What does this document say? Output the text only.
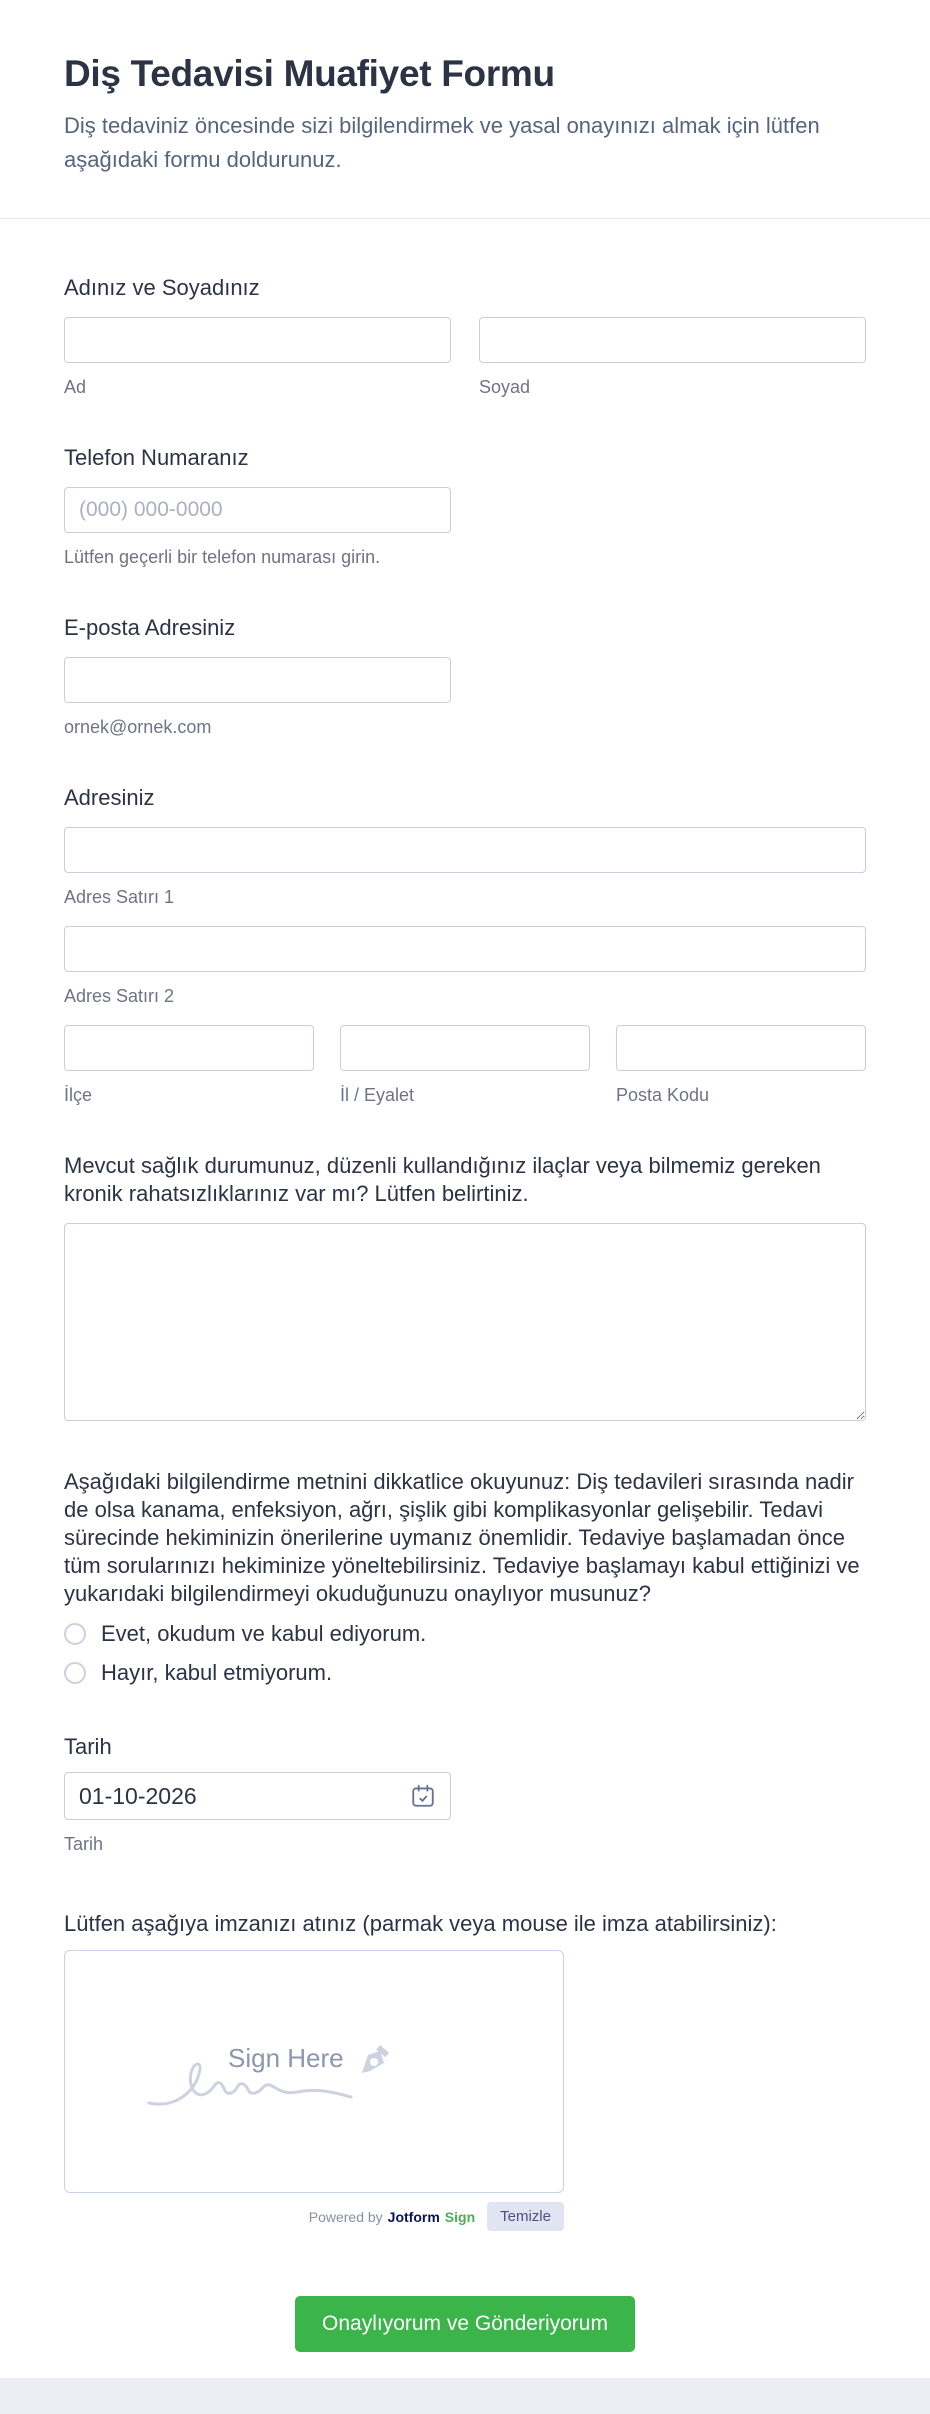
Diş Tedavisi Muafiyet Formu
Diş tedaviniz öncesinde sizi bilgilendirmek ve yasal onayınızı almak için lütfen aşağıdaki formu doldurunuz.
Adınız ve Soyadınız
Ad	Soyad
Telefon Numaranız
(000) 000-0000
Lütfen geçerli bir telefon numarası girin.
E-posta Adresiniz
ornek@ornek.com
Adresiniz
Adres Satırı 1
Adres Satırı 2
İlçe	İl / Eyalet	Posta Kodu
Mevcut sağlık durumunuz, düzenli kullandığınız ilaçlar veya bilmemiz gereken kronik rahatsızlıklarınız var mı? Lütfen belirtiniz.
Aşağıdaki bilgilendirme metnini dikkatlice okuyunuz: Diş tedavileri sırasında nadir de olsa kanama, enfeksiyon, ağrı, şişlik gibi komplikasyonlar gelişebilir. Tedavi sürecinde hekiminizin önerilerine uymanız önemlidir. Tedaviye başlamadan önce tüm sorularınızı hekiminize yöneltebilirsiniz. Tedaviye başlamayı kabul ettiğinizi ve yukarıdaki bilgilendirmeyi okuduğunuzu onaylıyor musunuz?
Evet, okudum ve kabul ediyorum.
Hayır, kabul etmiyorum.
Tarih
01-10-2026
Tarih
Lütfen aşağıya imzanızı atınız (parmak veya mouse ile imza atabilirsiniz):
Sign Here
Powered by Jotform Sign	Temizle
Onaylıyorum ve Gönderiyorum
